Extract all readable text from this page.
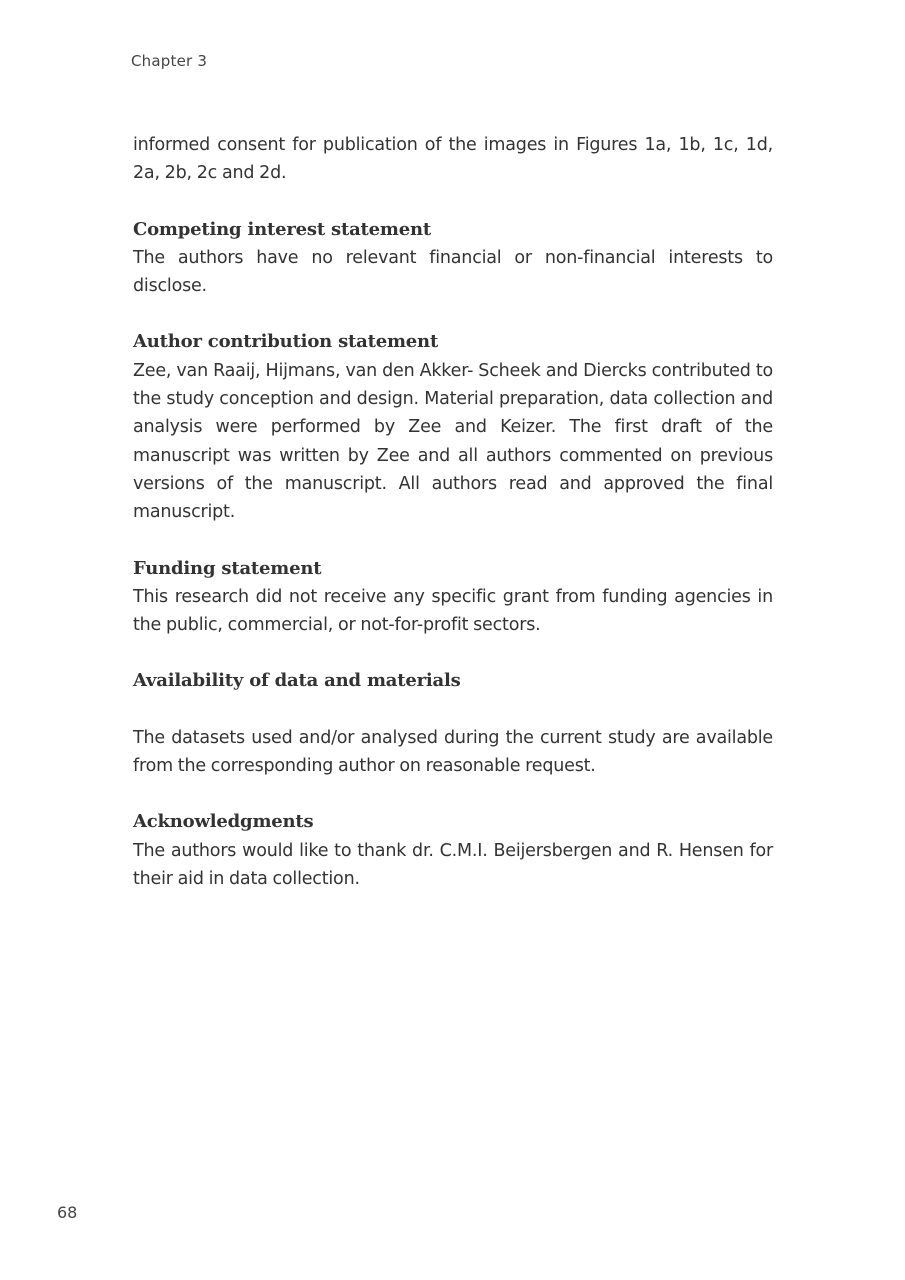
Chapter 3

informed consent for publication of the images in Figures 1a, 1b, 1c, 1d, 2a, 2b, 2c and 2d.

Competing interest statement

The authors have no relevant financial or non-financial interests to disclose.

Author contribution statement

Zee, van Raaij, Hijmans, van den Akker- Scheek and Diercks contributed to the study conception and design. Material preparation, data collection and analysis were performed by Zee and Keizer. The first draft of the manuscript was written by Zee and all authors commented on previous versions of the manuscript. All authors read and approved the final manuscript.

Funding statement

This research did not receive any specific grant from funding agencies in the public, commercial, or not-for-profit sectors.

Availability of data and materials

The datasets used and/or analysed during the current study are available from the corresponding author on reasonable request.

Acknowledgments

The authors would like to thank dr. C.M.I. Beijersbergen and R. Hensen for their aid in data collection.

68
